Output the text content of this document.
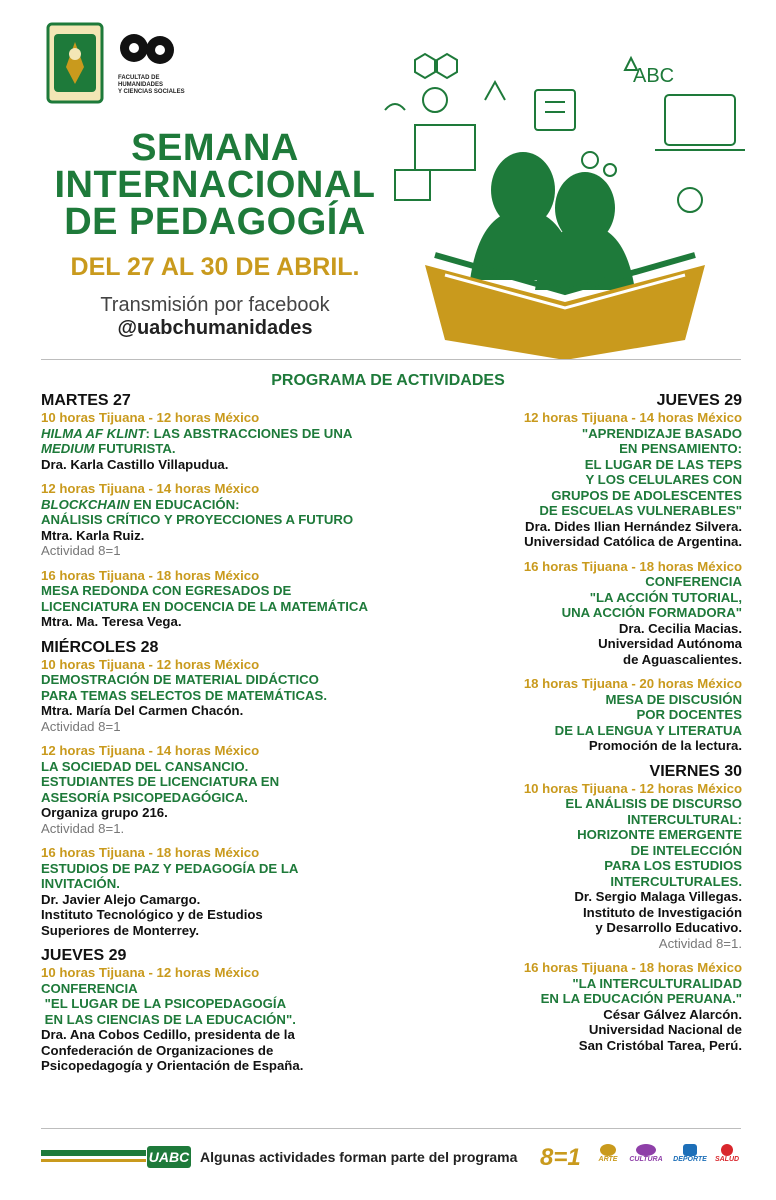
FACULTAD DE
HUMANIDADES
Y CIENCIAS SOCIALES
SEMANA
INTERNACIONAL
DE PEDAGOGÍA
DEL 27 AL 30 DE ABRIL.
Transmisión por facebook
@uabchumanidades
ABC
PROGRAMA DE ACTIVIDADES
MARTES 27
10 horas Tijuana - 12 horas México
HILMA AF KLINT: LAS ABSTRACCIONES DE UNA
MEDIUM FUTURISTA.
Dra. Karla Castillo Villapudua.
12 horas Tijuana - 14 horas México
BLOCKCHAIN EN EDUCACIÓN:
ANÁLISIS CRÍTICO Y PROYECCIONES A FUTURO
Mtra. Karla Ruiz.
Actividad 8=1
16 horas Tijuana - 18 horas México
MESA REDONDA CON EGRESADOS DE
LICENCIATURA EN DOCENCIA DE LA MATEMÁTICA
Mtra. Ma. Teresa Vega.
MIÉRCOLES 28
10 horas Tijuana - 12 horas México
DEMOSTRACIÓN DE MATERIAL DIDÁCTICO
PARA TEMAS SELECTOS DE MATEMÁTICAS.
Mtra. María Del Carmen Chacón.
Actividad 8=1
12 horas Tijuana - 14 horas México
LA SOCIEDAD DEL CANSANCIO.
ESTUDIANTES DE LICENCIATURA EN
ASESORÍA PSICOPEDAGÓGICA.
Organiza grupo 216.
Actividad 8=1.
16 horas Tijuana - 18 horas México
ESTUDIOS DE PAZ Y PEDAGOGÍA DE LA
INVITACIÓN.
Dr. Javier Alejo Camargo.
Instituto Tecnológico y de Estudios
Superiores de Monterrey.
JUEVES 29
10 horas Tijuana - 12 horas México
CONFERENCIA
"EL LUGAR DE LA PSICOPEDAGOGÍA
EN LAS CIENCIAS DE LA EDUCACIÓN".
Dra. Ana Cobos Cedillo, presidenta de la
Confederación de Organizaciones de
Psicopedagogía y Orientación de España.
JUEVES 29
12 horas Tijuana - 14 horas México
"APRENDIZAJE BASADO
EN PENSAMIENTO:
EL LUGAR DE LAS TEPS
Y LOS CELULARES CON
GRUPOS DE ADOLESCENTES
DE ESCUELAS VULNERABLES"
Dra. Dides Ilian Hernández Silvera.
Universidad Católica de Argentina.
16 horas Tijuana - 18 horas México
CONFERENCIA
"LA ACCIÓN TUTORIAL,
UNA ACCIÓN FORMADORA"
Dra. Cecilia Macias.
Universidad Autónoma
de Aguascalientes.
18 horas Tijuana - 20 horas México
MESA DE DISCUSIÓN
POR DOCENTES
DE LA LENGUA Y LITERATUA
Promoción de la lectura.
VIERNES 30
10 horas Tijuana - 12 horas México
EL ANÁLISIS DE DISCURSO
INTERCULTURAL:
HORIZONTE EMERGENTE
DE INTELECCIÓN
PARA LOS ESTUDIOS
INTERCULTURALES.
Dr. Sergio Malaga Villegas.
Instituto de Investigación
y Desarrollo Educativo.
Actividad 8=1.
16 horas Tijuana - 18 horas México
"LA INTERCULTURALIDAD
EN LA EDUCACIÓN PERUANA."
César Gálvez Alarcón.
Universidad Nacional de
San Cristóbal Tarea, Perú.
UABC Algunas actividades forman parte del programa 8=1	ARTE	CULTURA	DEPORTE	SALUD
